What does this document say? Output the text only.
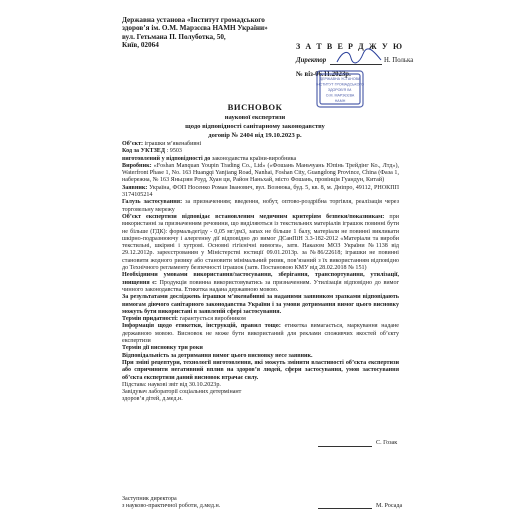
Державна установа «Інститут громадського
здоров’я ім. О.М. Марзєєва НАМН України»
вул. Гетьмана П. Полуботка, 50,
Київ, 02064	З А Т В Е Р Д Ж У Ю
Директор	Н. Полька
№ віз-06.11.2023р.
ДЕРЖАВНА УСТАНОВА
ІНСТИТУТ ГРОМАДСЬКОГО
ЗДОРОВ'Я ІМ.
О.М. МАРЗЄЄВА
НАМН
ВИСНОВОК
наукової експертизи
щодо відповідності санітарному законодавству
договір № 2404 від 19.10.2023 р.

Об’єкт: іграшки м’якенабивні

Код за УКТЗЕД : 9503

виготовлений у відповідності до законодавства країни-виробника

Виробник: «Foshan Manquan Youpin Trading Co., Ltd» («Фошань Маньчуань Юпінь Трейдінг Ко., Лтд»), Waterfront Phase 1, No. 163 Huangqi Yanjiang Road, Nanhai, Foshan City, Guangdong Province, China (Фаза 1, набережна, № 163 Яньцзян Роуд, Хуан ци, Район Наньхай, місто Фошань, провінція Гуандун, Китай)

Заявник: Україна, ФОП Носенко Роман Іванович, вул. Вознюка, буд. 5, кв. 8, м. Дніпро, 49112, РНОКПП 3174105214

Галузь застосування: за призначенням; введення, нобут, оптово-роздрібна торгівля, реалізація через торговельну мережу

Об’єкт експертизи відповідає встановленим медичним критеріям безпеки/показникам: при використанні за призначенням речовини, що виділяються із текстильних матеріалів іграшок повинні бути не більше (ГДК): формальдегіду - 0,05 мг/дм3, запах не більше 1 балу, матеріали не повинні викликати шкірно-подразнюючу і алергенну дії відповідно до вимог ДСанПіН 3.3-182-2012 «Матеріали та вироби текстильні, шкіряні і хутрові. Основні гігієнічні вимоги», затв. Наказом МОЗ України №1138 від 29.12.2012р. зареєстрованим у Міністерстві юстиції 09.01.2013р. за №86/22618; іграшки не повинні становити жодного ризику або становити мінімальний ризик, пов’язаний з їх використанням відповідно до Технічного регламенту безпечності іграшок (затв. Постановою КМУ від 28.02.2018 № 151)

Необхідними умовами використання/застосування, зберігання, транспортування, утилізації, знищення є: Продукція повинна використовуватись за призначенням. Утилізація відповідно до вимог чинного законодавства. Етикетка надана державною мовою.

За результатами досліджень іграшки м’якенабивні за наданими заявником зразками відповідають вимогам діючого санітарного законодавства України і за умови дотримання вимог цього висновку можуть бути використані в заявленій сфері застосування.

Термін придатності: гарантується виробником

Інформація щодо етикетки, інструкцій, правил тощо: етикетка вимагається, маркування надане державною мовою. Висновок не може бути використаний для реклами споживчих якостей об’єкту експертизи

Термін дії висновку три роки

Відповідальність за дотримання вимог цього висновку несе заявник.

При зміні рецептури, технології виготовлення, які можуть змінити властивості об’єкта експертизи або спричинити негативний вплив на здоров’я людей, сфери застосування, умов застосування об’єкта експертизи даний висновок втрачає силу.

Підстава: наукові звіт від 30.10.2023р.

Завідувач лабораторії соціальних детермінант

здоров’я дітей, д.мед.н.

С. Гозак
Заступник директора
з науково-практичної роботи, д.мед.н.	М. Росада
